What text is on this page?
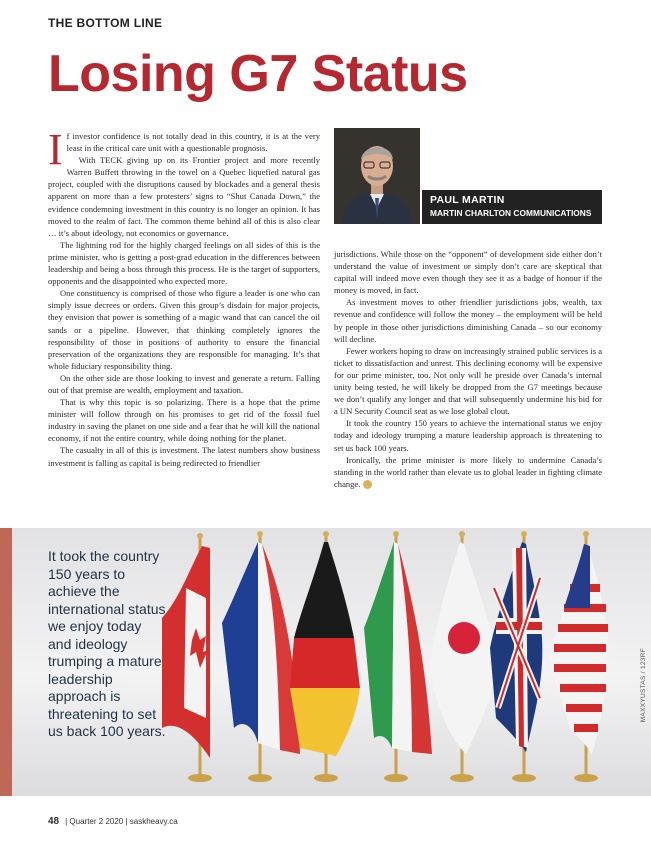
THE BOTTOM LINE
Losing G7 Status

If investor confidence is not totally dead in this country, it is at the very least in the critical care unit with a questionable prognosis.

With TECK giving up on its Frontier project and more recently Warren Buffett throwing in the towel on a Quebec liquefied natural gas project, coupled with the disruptions caused by blockades and a general thesis apparent on more than a few protesters’ signs to “Shut Canada Down,” the evidence condemning investment in this country is no longer an opinion. It has moved to the realm of fact. The common theme behind all of this is also clear … it’s about ideology, not economics or governance.

The lightning rod for the highly charged feelings on all sides of this is the prime minister, who is getting a post-grad education in the differences between leadership and being a boss through this process. He is the target of supporters, opponents and the disappointed who expected more.

One constituency is comprised of those who figure a leader is one who can simply issue decrees or orders. Given this group’s disdain for major projects, they envision that power is something of a magic wand that can cancel the oil sands or a pipeline. However, that thinking completely ignores the responsibility of those in positions of authority to ensure the financial preservation of the organizations they are responsible for managing. It’s that whole fiduciary responsibility thing.

On the other side are those looking to invest and generate a return. Falling out of that premise are wealth, employment and taxation.

That is why this topic is so polarizing. There is a hope that the prime minister will follow through on his promises to get rid of the fossil fuel industry in saving the planet on one side and a fear that he will kill the national economy, if not the entire country, while doing nothing for the planet.

The casualty in all of this is investment. The latest numbers show business investment is falling as capital is being redirected to friendlier

PAUL MARTIN
MARTIN CHARLTON COMMUNICATIONS

jurisdictions. While those on the “opponent” of development side either don’t understand the value of investment or simply don’t care are skeptical that capital will indeed move even though they see it as a badge of honour if the money is moved, in fact.

As investment moves to other friendlier jurisdictions jobs, wealth, tax revenue and confidence will follow the money – the employment will be held by people in those other jurisdictions diminishing Canada – so our economy will decline.

Fewer workers hoping to draw on increasingly strained public services is a ticket to dissatisfaction and unrest. This declining economy will be expensive for our prime minister, too. Not only will he preside over Canada’s internal unity being tested, he will likely be dropped from the G7 meetings because we don’t qualify any longer and that will subsequently undermine his bid for a UN Security Council seat as we lose global clout.

It took the country 150 years to achieve the international status we enjoy today and ideology trumping a mature leadership approach is threatening to set us back 100 years.

Ironically, the prime minister is more likely to undermine Canada’s standing in the world rather than elevate us to global leader in fighting climate change.

It took the country 150 years to achieve the international status we enjoy today and ideology trumping a mature leadership approach is threatening to set us back 100 years.
MAXXYUSTAS / 123RF
48 | Quarter 2 2020 | saskheavy.ca
